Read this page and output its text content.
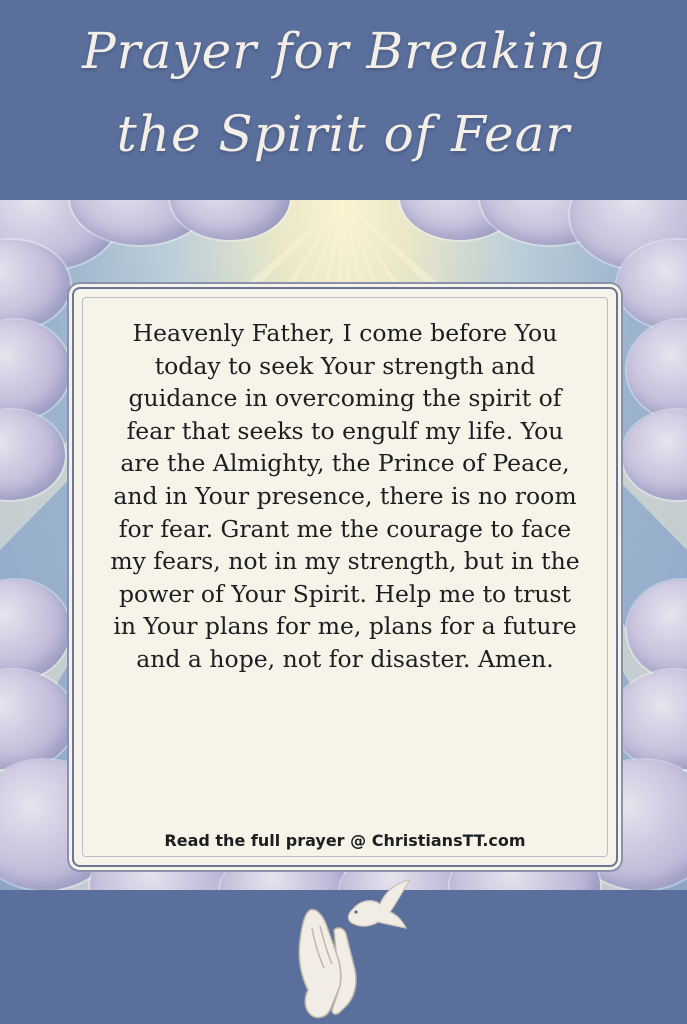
Prayer for Breaking
the Spirit of Fear

Heavenly Father, I come before You today to seek Your strength and guidance in overcoming the spirit of fear that seeks to engulf my life. You are the Almighty, the Prince of Peace, and in Your presence, there is no room for fear. Grant me the courage to face my fears, not in my strength, but in the power of Your Spirit. Help me to trust in Your plans for me, plans for a future and a hope, not for disaster. Amen.

Read the full prayer @ ChristiansTT.com
